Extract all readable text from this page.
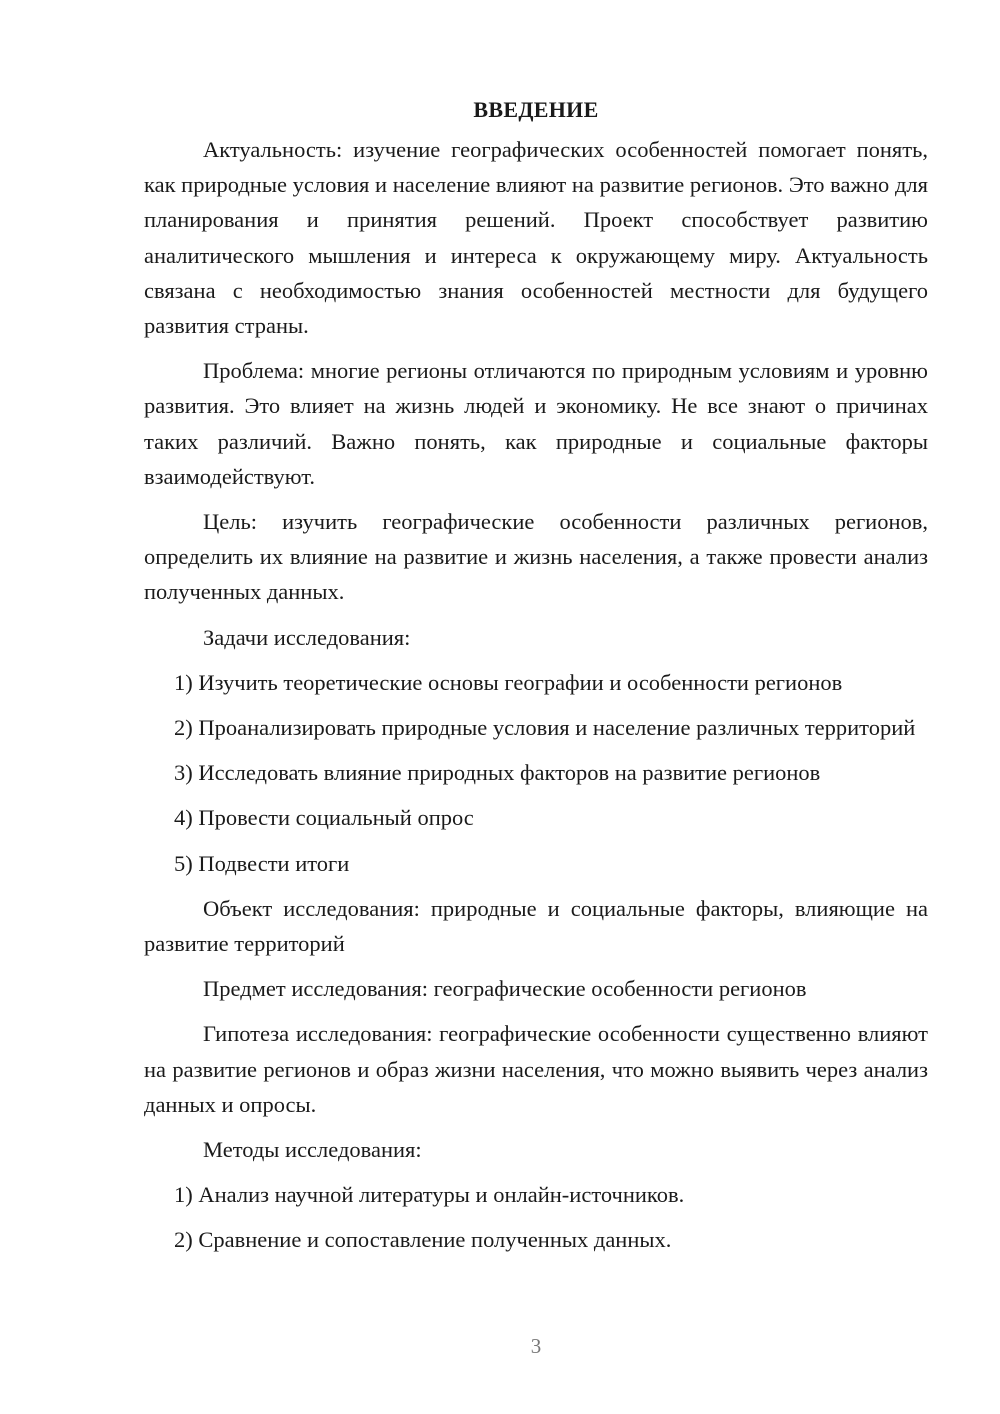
ВВЕДЕНИЕ

Актуальность: изучение географических особенностей помогает понять, как природные условия и население влияют на развитие регионов. Это важно для планирования и принятия решений. Проект способствует развитию аналитического мышления и интереса к окружающему миру. Актуальность связана с необходимостью знания особенностей местности для будущего развития страны.

Проблема: многие регионы отличаются по природным условиям и уровню развития. Это влияет на жизнь людей и экономику. Не все знают о причинах таких различий. Важно понять, как природные и социальные факторы взаимодействуют.

Цель: изучить географические особенности различных регионов, определить их влияние на развитие и жизнь населения, а также провести анализ полученных данных.

Задачи исследования:

1) Изучить теоретические основы географии и особенности регионов

2) Проанализировать природные условия и население различных территорий

3) Исследовать влияние природных факторов на развитие регионов

4) Провести социальный опрос

5) Подвести итоги

Объект исследования: природные и социальные факторы, влияющие на развитие территорий

Предмет исследования: географические особенности регионов

Гипотеза исследования: географические особенности существенно влияют на развитие регионов и образ жизни населения, что можно выявить через анализ данных и опросы.

Методы исследования:

1) Анализ научной литературы и онлайн-источников.

2) Сравнение и сопоставление полученных данных.

3
